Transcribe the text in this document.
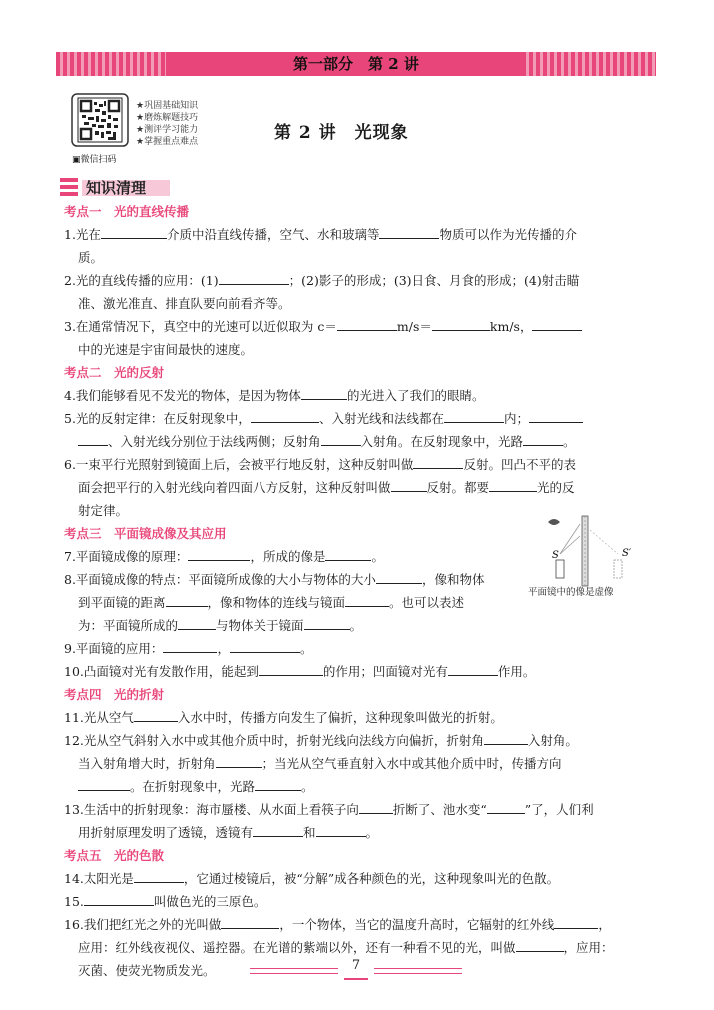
第一部分　第 2 讲
▣微信扫码
★巩固基础知识
★磨炼解题技巧
★测评学习能力
★掌握重点难点	第 2 讲　光现象
知识清理
考点一　光的直线传播
1.光在	介质中沿直线传播，空气、水和玻璃等	物质可以作为光传播的介
质。
2.光的直线传播的应用：(1)	；(2)影子的形成；(3)日食、月食的形成；(4)射击瞄
准、激光准直、排直队要向前看齐等。
3.在通常情况下，真空中的光速可以近似取为 c＝	m/s＝	km/s，
中的光速是宇宙间最快的速度。
考点二　光的反射
4.我们能够看见不发光的物体，是因为物体	的光进入了我们的眼睛。
5.光的反射定律：在反射现象中，	、入射光线和法线都在	内；
、入射光线分别位于法线两侧；反射角	入射角。在反射现象中，光路	。
6.一束平行光照射到镜面上后，会被平行地反射，这种反射叫做	反射。凹凸不平的表
面会把平行的入射光线向着四面八方反射，这种反射叫做	反射。都要	光的反
射定律。
考点三　平面镜成像及其应用
7.平面镜成像的原理：	，所成的像是	。
8.平面镜成像的特点：平面镜所成像的大小与物体的大小	，像和物体
到平面镜的距离	，像和物体的连线与镜面	。也可以表述
为：平面镜所成的	与物体关于镜面	。
9.平面镜的应用：	，	。
10.凸面镜对光有发散作用，能起到	的作用；凹面镜对光有	作用。
考点四　光的折射
11.光从空气	入水中时，传播方向发生了偏折，这种现象叫做光的折射。
12.光从空气斜射入水中或其他介质中时，折射光线向法线方向偏折，折射角	入射角。
当入射角增大时，折射角	；当光从空气垂直射入水中或其他介质中时，传播方向
。在折射现象中，光路	。
13.生活中的折射现象：海市蜃楼、从水面上看筷子向	折断了、池水变“	”了，人们利
用折射原理发明了透镜，透镜有	和	。
考点五　光的色散
14.太阳光是	，它通过棱镜后，被“分解”成各种颜色的光，这种现象叫光的色散。
15.	叫做色光的三原色。
16.我们把红光之外的光叫做	，一个物体，当它的温度升高时，它辐射的红外线	，
应用：红外线夜视仪、遥控器。在光谱的紫端以外，还有一种看不见的光，叫做	，应用：
灭菌、使荧光物质发光。
S	S′
平面镜中的像是虚像
7
